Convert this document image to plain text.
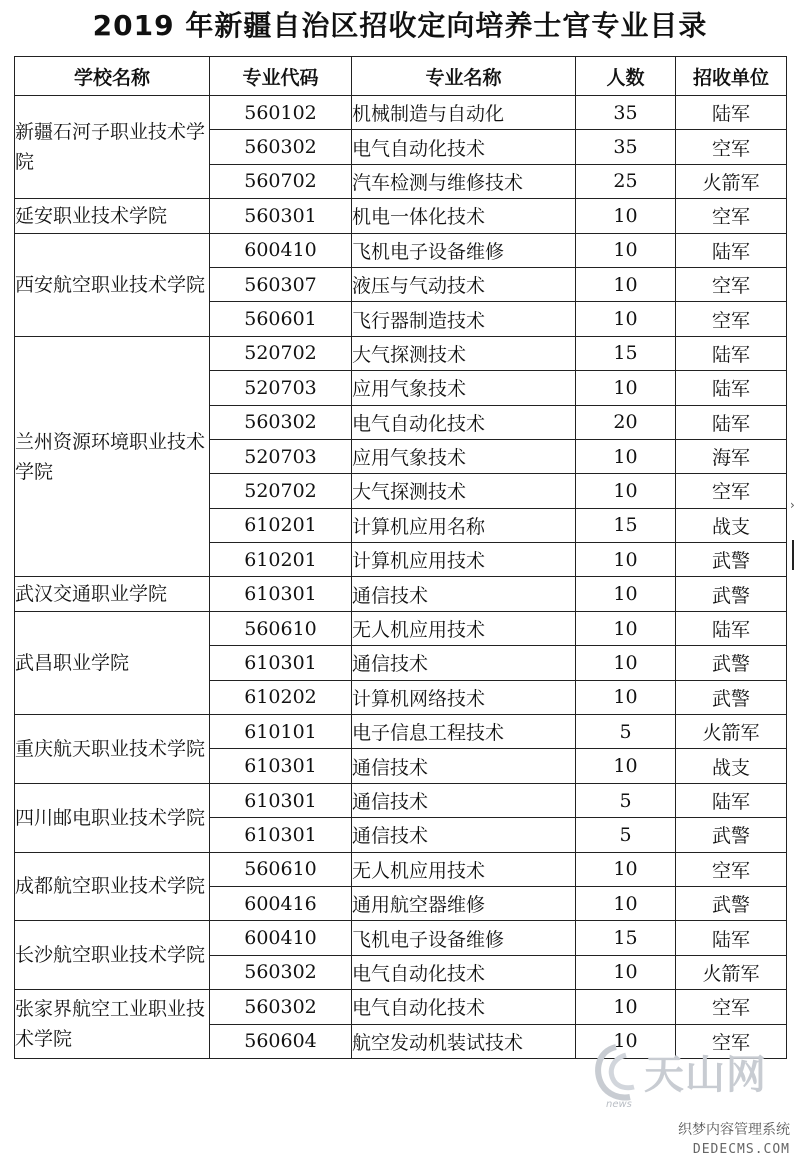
2019 年新疆自治区招收定向培养士官专业目录
学校名称	专业代码	专业名称	人数	招收单位
新疆石河子职业技术学院	560102	机械制造与自动化	35	陆军
	560302	电气自动化技术	35	空军
	560702	汽车检测与维修技术	25	火箭军
延安职业技术学院	560301	机电一体化技术	10	空军
西安航空职业技术学院	600410	飞机电子设备维修	10	陆军
	560307	液压与气动技术	10	空军
	560601	飞行器制造技术	10	空军
兰州资源环境职业技术学院	520702	大气探测技术	15	陆军
	520703	应用气象技术	10	陆军
	560302	电气自动化技术	20	陆军
	520703	应用气象技术	10	海军
	520702	大气探测技术	10	空军
	610201	计算机应用名称	15	战支
	610201	计算机应用技术	10	武警
武汉交通职业学院	610301	通信技术	10	武警
武昌职业学院	560610	无人机应用技术	10	陆军
	610301	通信技术	10	武警
	610202	计算机网络技术	10	武警
重庆航天职业技术学院	610101	电子信息工程技术	5	火箭军
	610301	通信技术	10	战支
四川邮电职业技术学院	610301	通信技术	5	陆军
	610301	通信技术	5	武警
成都航空职业技术学院	560610	无人机应用技术	10	空军
	600416	通用航空器维修	10	武警
长沙航空职业技术学院	600410	飞机电子设备维修	15	陆军
	560302	电气自动化技术	10	火箭军
张家界航空工业职业技术学院	560302	电气自动化技术	10	空军
	560604	航空发动机装试技术	10	空军
news
天山网
织梦内容管理系统
DEDECMS.COM
›
